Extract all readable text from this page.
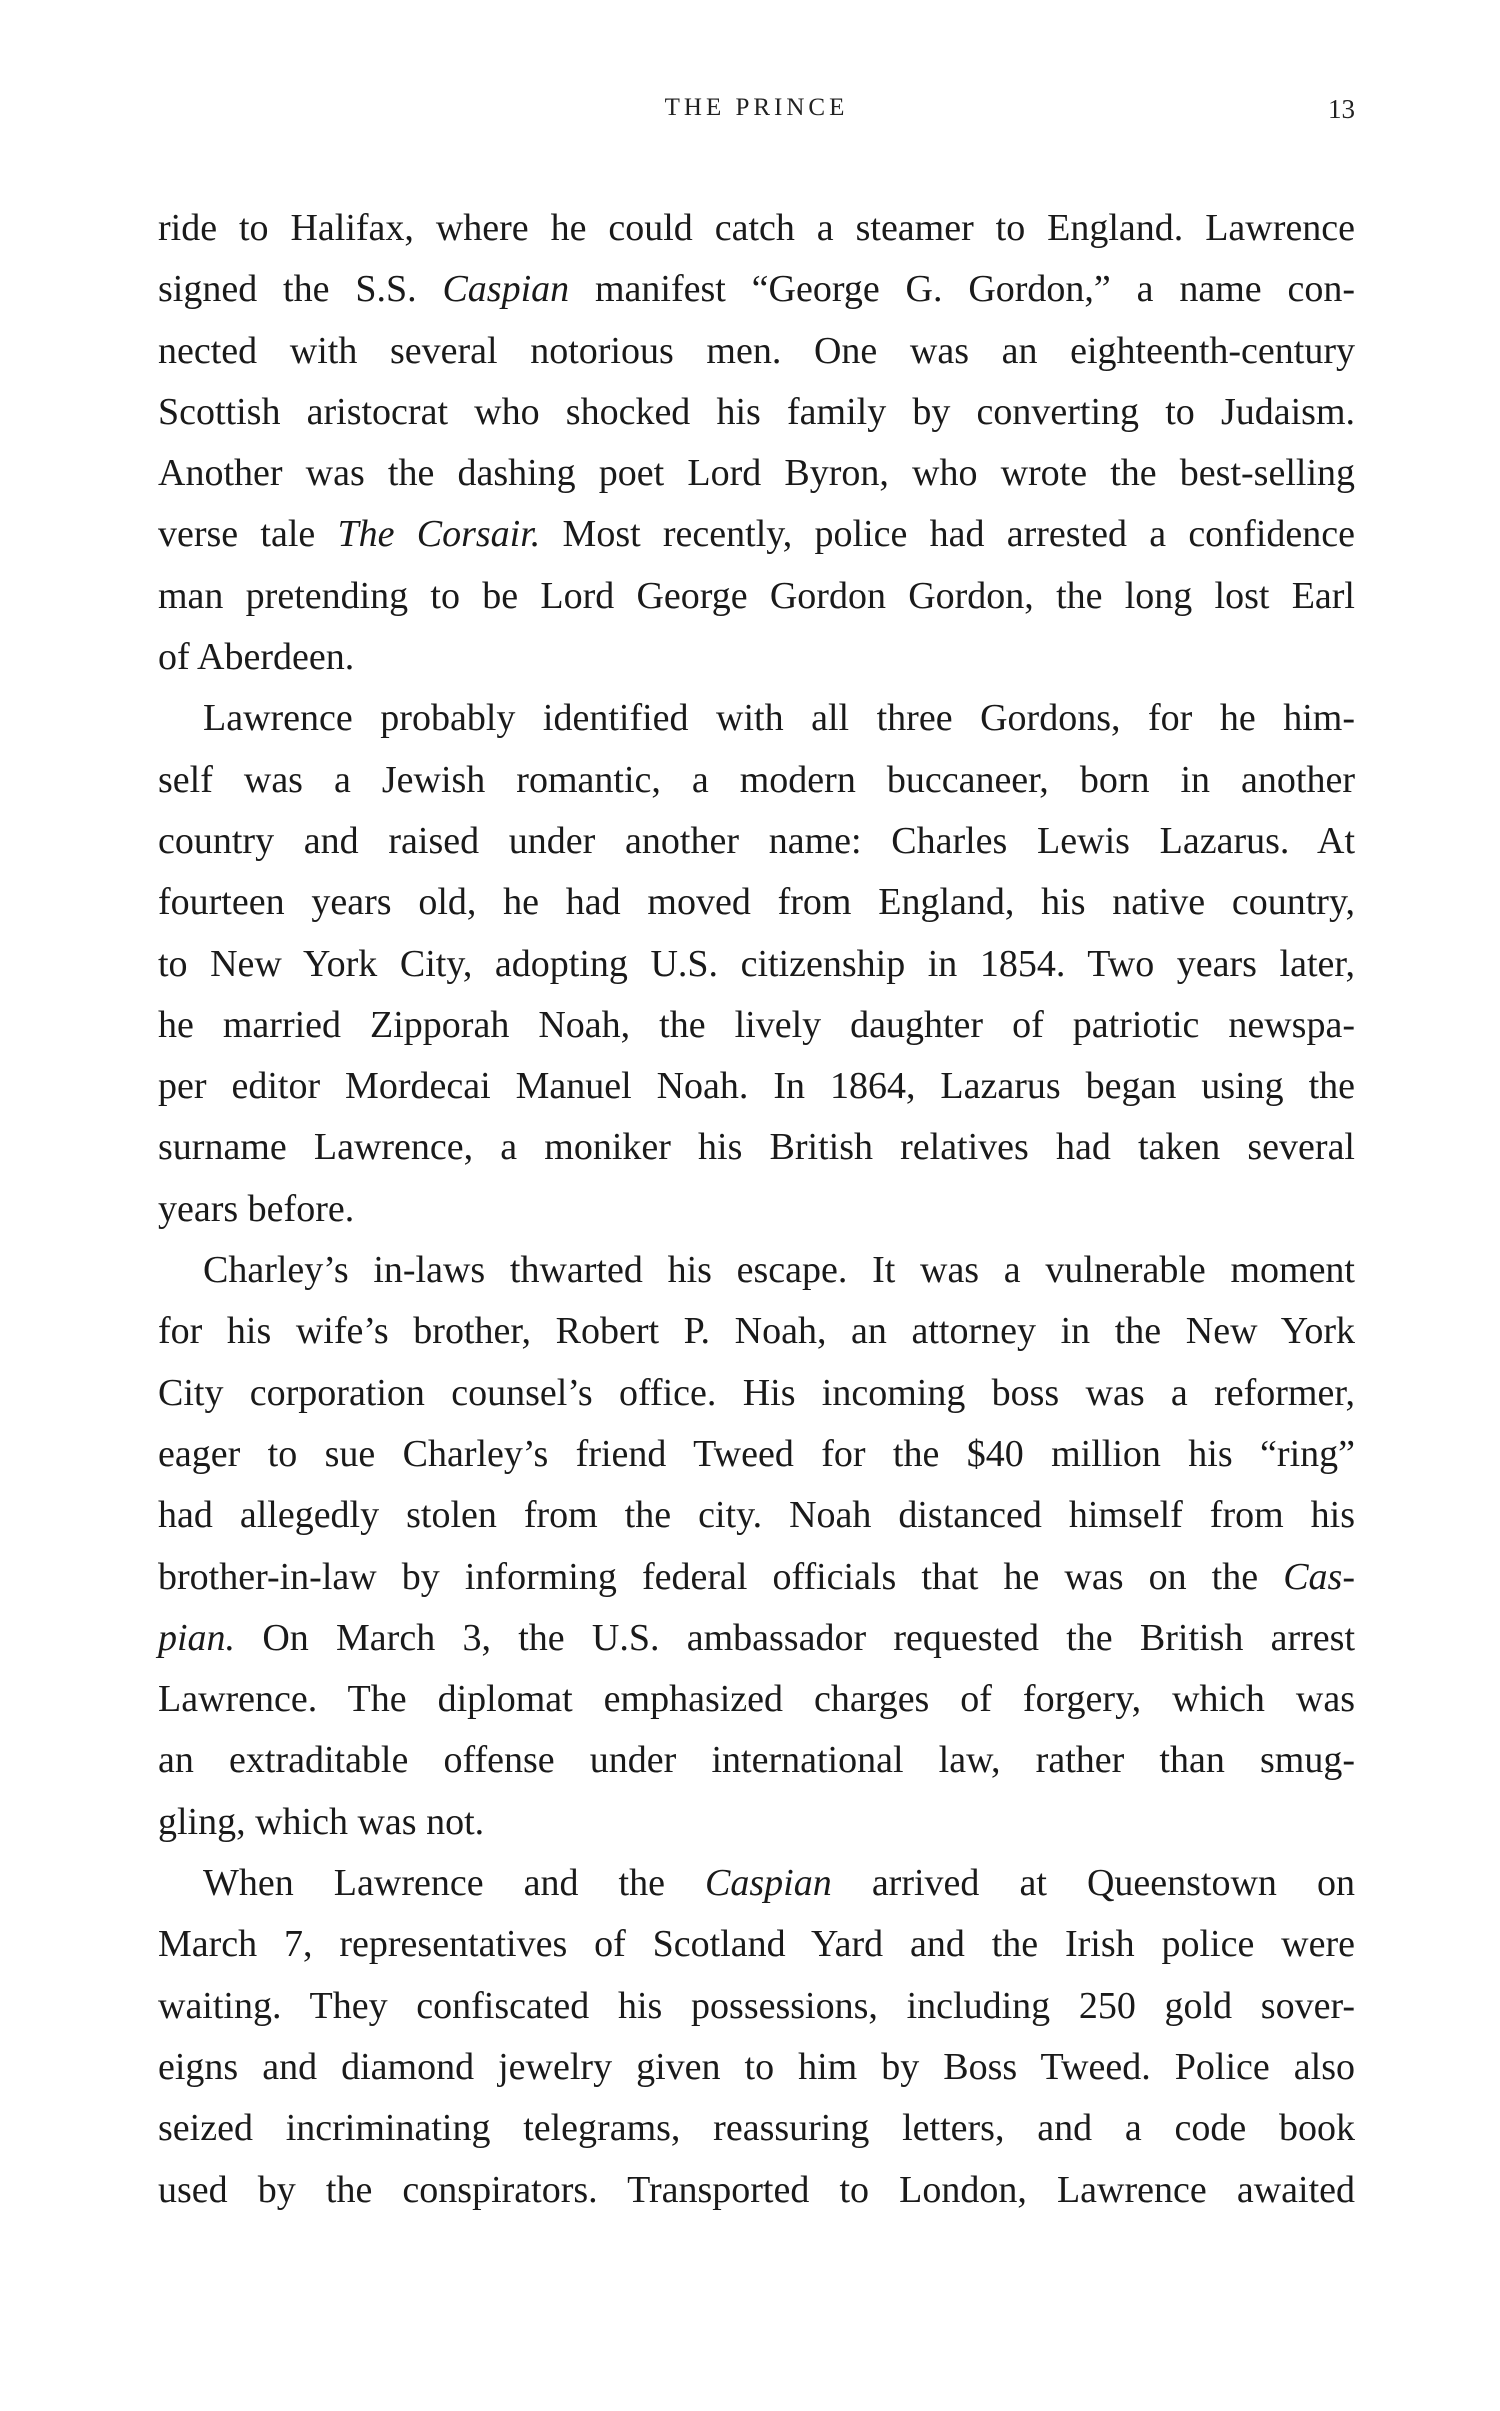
THE PRINCE	13
ride to Halifax, where he could catch a steamer to England. Lawrence
signed the S.S. Caspian manifest “George G. Gordon,” a name con-
nected with several notorious men. One was an eighteenth-century
Scottish aristocrat who shocked his family by converting to Judaism.
Another was the dashing poet Lord Byron, who wrote the best-selling
verse tale The Corsair. Most recently, police had arrested a confidence
man pretending to be Lord George Gordon Gordon, the long lost Earl
of Aberdeen.
Lawrence probably identified with all three Gordons, for he him-
self was a Jewish romantic, a modern buccaneer, born in another
country and raised under another name: Charles Lewis Lazarus. At
fourteen years old, he had moved from England, his native country,
to New York City, adopting U.S. citizenship in 1854. Two years later,
he married Zipporah Noah, the lively daughter of patriotic newspa-
per editor Mordecai Manuel Noah. In 1864, Lazarus began using the
surname Lawrence, a moniker his British relatives had taken several
years before.
Charley’s in-laws thwarted his escape. It was a vulnerable moment
for his wife’s brother, Robert P. Noah, an attorney in the New York
City corporation counsel’s office. His incoming boss was a reformer,
eager to sue Charley’s friend Tweed for the $40 million his “ring”
had allegedly stolen from the city. Noah distanced himself from his
brother-in-law by informing federal officials that he was on the Cas-
pian. On March 3, the U.S. ambassador requested the British arrest
Lawrence. The diplomat emphasized charges of forgery, which was
an extraditable offense under international law, rather than smug-
gling, which was not.
When Lawrence and the Caspian arrived at Queenstown on
March 7, representatives of Scotland Yard and the Irish police were
waiting. They confiscated his possessions, including 250 gold sover-
eigns and diamond jewelry given to him by Boss Tweed. Police also
seized incriminating telegrams, reassuring letters, and a code book
used by the conspirators. Transported to London, Lawrence awaited
